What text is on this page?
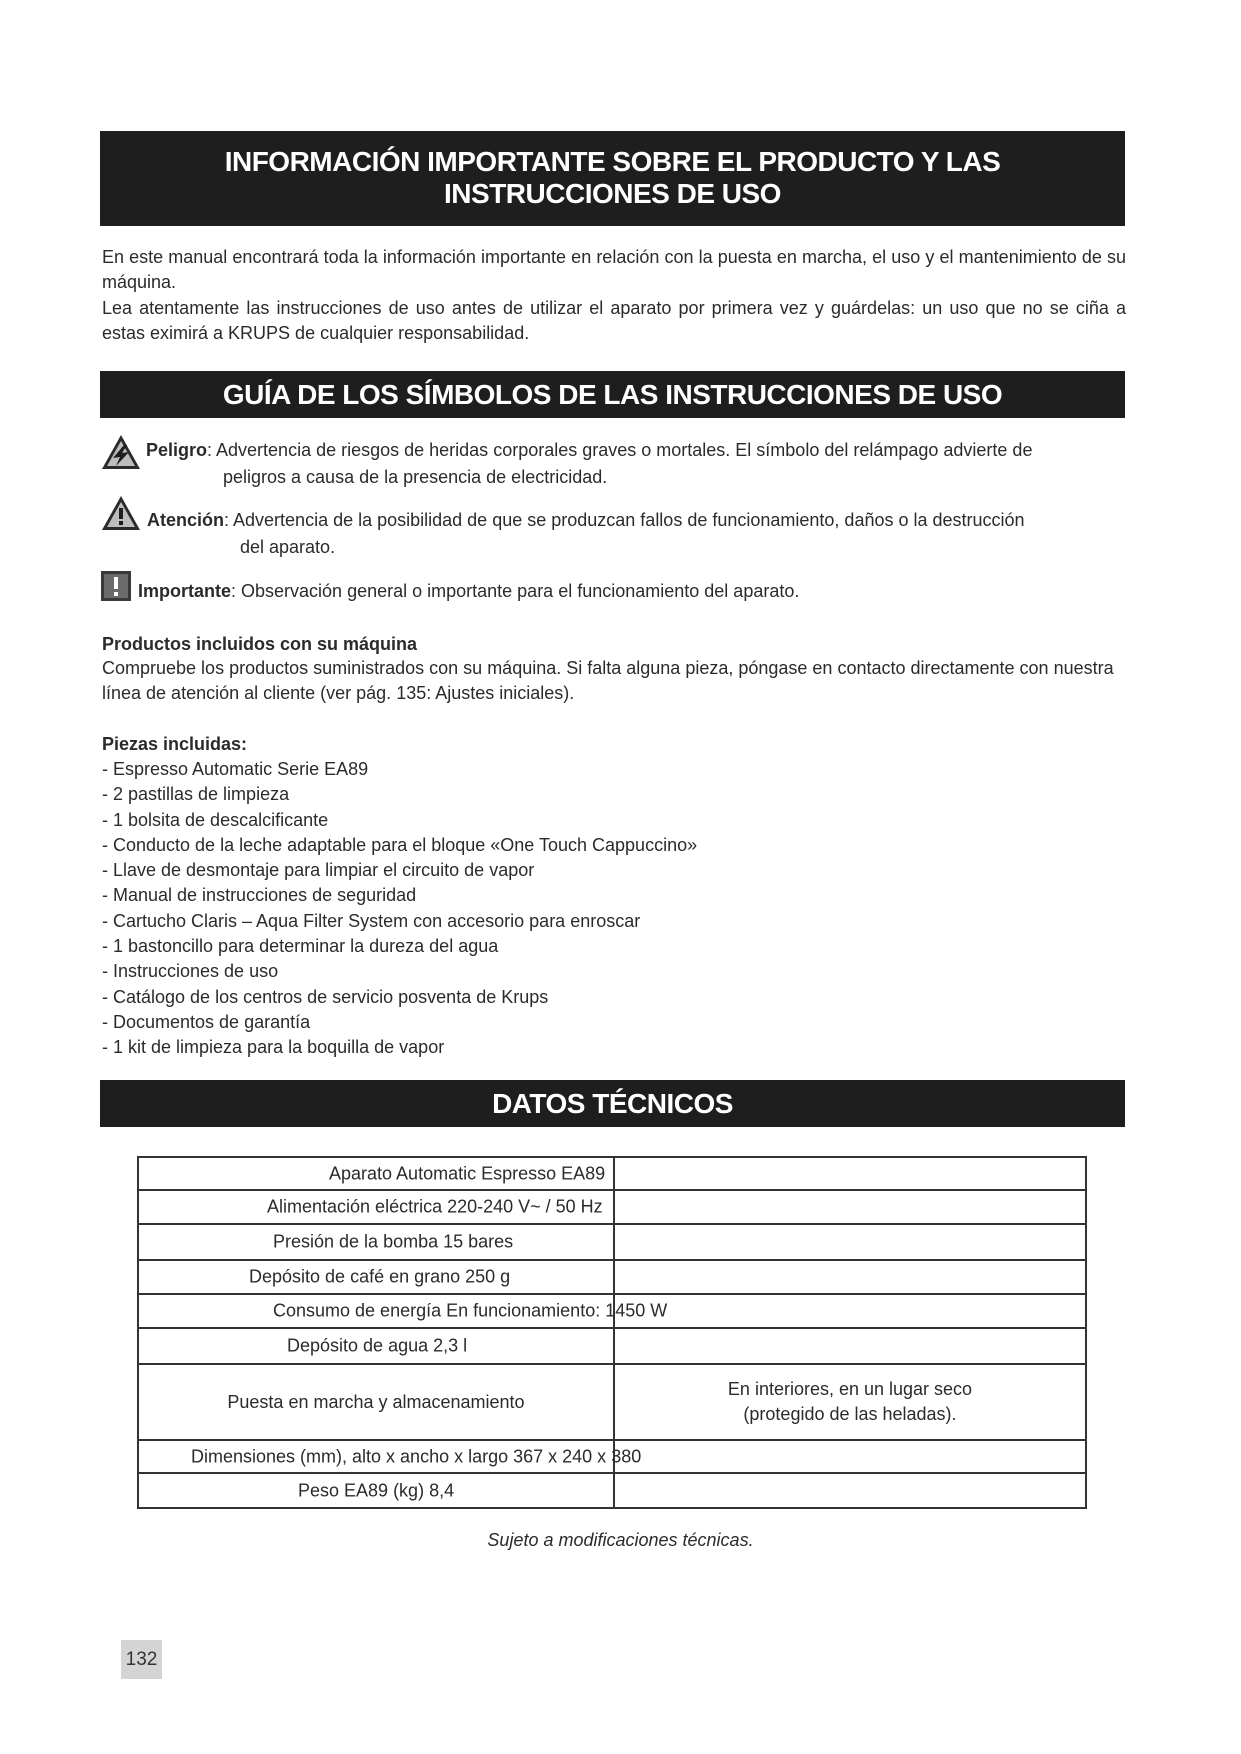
INFORMACIÓN IMPORTANTE SOBRE EL PRODUCTO Y LAS
INSTRUCCIONES DE USO

En este manual encontrará toda la información importante en relación con la puesta en marcha, el uso y el mantenimiento de su máquina.

Lea atentamente las instrucciones de uso antes de utilizar el aparato por primera vez y guárdelas: un uso que no se ciña a estas eximirá a KRUPS de cualquier responsabilidad.

GUÍA DE LOS SÍMBOLOS DE LAS INSTRUCCIONES DE USO
Peligro: Advertencia de riesgos de heridas corporales graves o mortales. El símbolo del relámpago advierte de
peligros a causa de la presencia de electricidad.
Atención: Advertencia de la posibilidad de que se produzcan fallos de funcionamiento, daños o la destrucción
del aparato.
Importante: Observación general o importante para el funcionamiento del aparato.
Productos incluidos con su máquina

Compruebe los productos suministrados con su máquina. Si falta alguna pieza, póngase en contacto directamente con nuestra línea de atención al cliente (ver pág. 135: Ajustes iniciales).

Piezas incluidas:
- Espresso Automatic Serie EA89
- 2 pastillas de limpieza
- 1 bolsita de descalcificante
- Conducto de la leche adaptable para el bloque «One Touch Cappuccino»
- Llave de desmontaje para limpiar el circuito de vapor
- Manual de instrucciones de seguridad
- Cartucho Claris – Aqua Filter System con accesorio para enroscar
- 1 bastoncillo para determinar la dureza del agua
- Instrucciones de uso
- Catálogo de los centros de servicio posventa de Krups
- Documentos de garantía
- 1 kit de limpieza para la boquilla de vapor
DATOS TÉCNICOS
Aparato Automatic Espresso EA89	

Alimentación eléctrica 220-240 V~ / 50 Hz	

Presión de la bomba 15 bares	

Depósito de café en grano 250 g	

Consumo de energía En funcionamiento: 1450 W	

Depósito de agua 2,3 l	

Puesta en marcha y almacenamiento	En interiores, en un lugar seco
(protegido de las heladas).

Dimensiones (mm), alto x ancho x largo 367 x 240 x 380	

Peso EA89 (kg) 8,4	

Sujeto a modificaciones técnicas.
132
